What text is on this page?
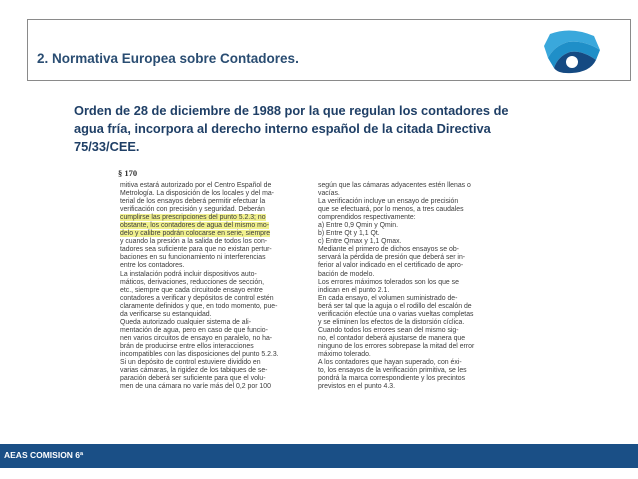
2. Normativa Europea sobre Contadores.
Orden de 28 de diciembre de 1988 por la que regulan los contadores de
agua fría, incorpora al derecho interno español de la citada Directiva
75/33/CEE.
§ 170
mitiva estará autorizado por el Centro Español de
Metrología. La disposición de los locales y del ma-
terial de los ensayos deberá permitir efectuar la
verificación con precisión y seguridad. Deberán
cumplirse las prescripciones del punto 5.2.3; no
obstante, los contadores de agua del mismo mo-
delo y calibre podrán colocarse en serie, siempre
y cuando la presión a la salida de todos los con-
tadores sea suficiente para que no existan pertur-
baciones en su funcionamiento ni interferencias
entre los contadores.
La instalación podrá incluir dispositivos auto-
máticos, derivaciones, reducciones de sección,
etc., siempre que cada circuitode ensayo entre
contadores a verificar y depósitos de control estén
claramente definidos y que, en todo momento, pue-
da verificarse su estanquidad.
Queda autorizado cualquier sistema de ali-
mentación de agua, pero en caso de que funcio-
nen varios circuitos de ensayo en paralelo, no ha-
brán de producirse entre ellos interacciones
incompatibles con las disposiciones del punto 5.2.3.
Si un depósito de control estuviere dividido en
varias cámaras, la rigidez de los tabiques de se-
paración deberá ser suficiente para que el volu-
men de una cámara no varíe más del 0,2 por 100
según que las cámaras adyacentes estén llenas o
vacías.
La verificación incluye un ensayo de precisión
que se efectuará, por lo menos, a tres caudales
comprendidos respectivamente:
a) Entre 0,9 Qmin y Qmin.
b) Entre Qt y 1,1 Qt.
c) Entre Qmax y 1,1 Qmax.
Mediante el primero de dichos ensayos se ob-
servará la pérdida de presión que deberá ser in-
ferior al valor indicado en el certificado de apro-
bación de modelo.
Los errores máximos tolerados son los que se
indican en el punto 2.1.
En cada ensayo, el volumen suministrado de-
berá ser tal que la aguja o el rodillo del escalón de
verificación efectúe una o varias vueltas completas
y se eliminen los efectos de la distorsión cíclica.
Cuando todos los errores sean del mismo sig-
no, el contador deberá ajustarse de manera que
ninguno de los errores sobrepase la mitad del error
máximo tolerado.
A los contadores que hayan superado, con éxi-
to, los ensayos de la verificación primitiva, se les
pondrá la marca correspondiente y los precintos
previstos en el punto 4.3.
AEAS COMISION 6ª
